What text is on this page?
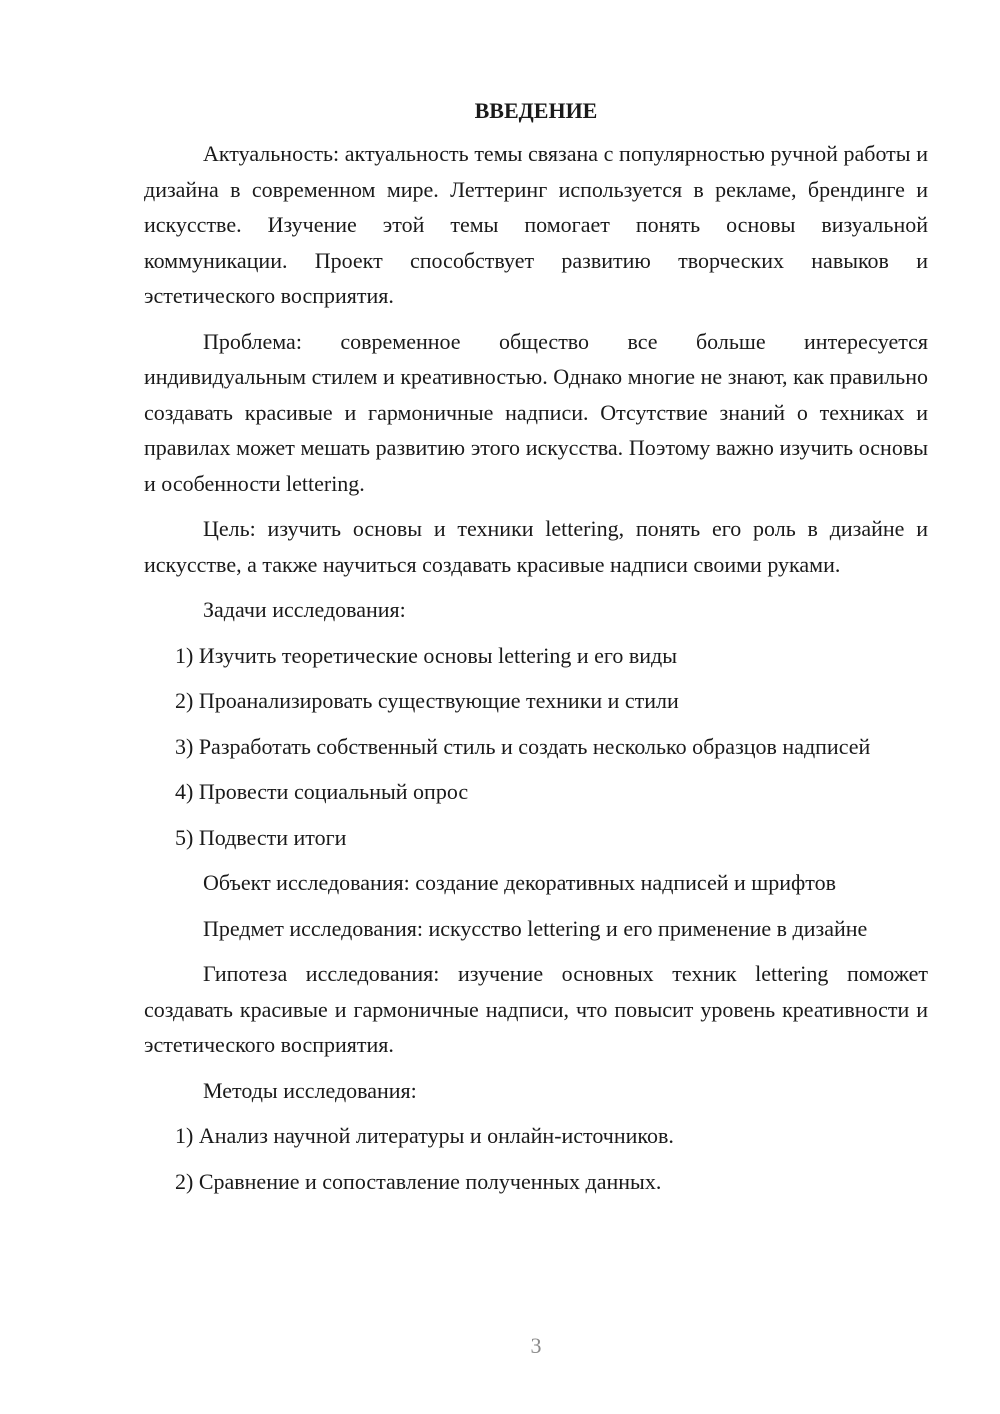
ВВЕДЕНИЕ

Актуальность: актуальность темы связана с популярностью ручной работы и дизайна в современном мире. Леттеринг используется в рекламе, брендинге и искусстве. Изучение этой темы помогает понять основы визуальной коммуникации. Проект способствует развитию творческих навыков и эстетического восприятия.

Проблема: современное общество все больше интересуется индивидуальным стилем и креативностью. Однако многие не знают, как правильно создавать красивые и гармоничные надписи. Отсутствие знаний о техниках и правилах может мешать развитию этого искусства. Поэтому важно изучить основы и особенности lettering.

Цель: изучить основы и техники lettering, понять его роль в дизайне и искусстве, а также научиться создавать красивые надписи своими руками.

Задачи исследования:

1) Изучить теоретические основы lettering и его виды

2) Проанализировать существующие техники и стили

3) Разработать собственный стиль и создать несколько образцов надписей

4) Провести социальный опрос

5) Подвести итоги

Объект исследования: создание декоративных надписей и шрифтов

Предмет исследования: искусство lettering и его применение в дизайне

Гипотеза исследования: изучение основных техник lettering поможет создавать красивые и гармоничные надписи, что повысит уровень креативности и эстетического восприятия.

Методы исследования:

1) Анализ научной литературы и онлайн-источников.

2) Сравнение и сопоставление полученных данных.

3
